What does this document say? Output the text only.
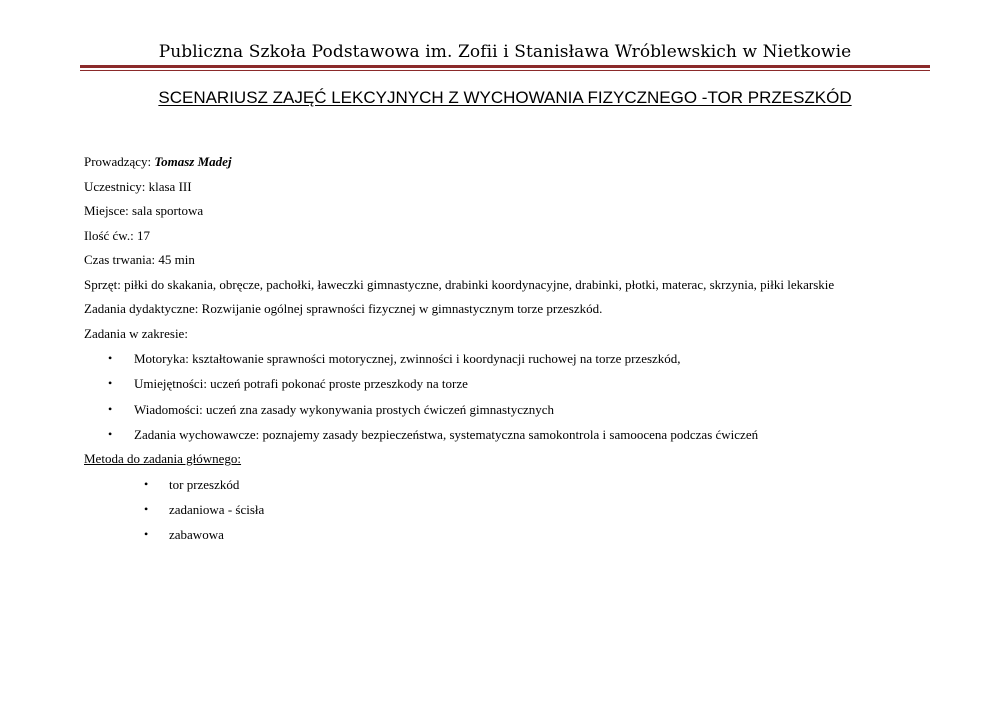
Publiczna Szkoła Podstawowa im. Zofii i Stanisława Wróblewskich w Nietkowie
SCENARIUSZ ZAJĘĆ LEKCYJNYCH Z WYCHOWANIA FIZYCZNEGO -TOR PRZESZKÓD
Prowadzący: Tomasz Madej
Uczestnicy: klasa III
Miejsce: sala sportowa
Ilość ćw.: 17
Czas trwania: 45 min
Sprzęt: piłki do skakania, obręcze, pachołki, ławeczki gimnastyczne, drabinki koordynacyjne, drabinki, płotki, materac, skrzynia, piłki lekarskie
Zadania dydaktyczne: Rozwijanie ogólnej sprawności fizycznej w gimnastycznym torze przeszkód.
Zadania w zakresie:
• Motoryka: kształtowanie sprawności motorycznej, zwinności i koordynacji ruchowej na torze przeszkód,
• Umiejętności: uczeń potrafi pokonać proste przeszkody na torze
• Wiadomości: uczeń zna zasady wykonywania prostych ćwiczeń gimnastycznych
• Zadania wychowawcze: poznajemy zasady bezpieczeństwa, systematyczna samokontrola i samoocena podczas ćwiczeń
Metoda do zadania głównego:
• tor przeszkód
• zadaniowa - ścisła
• zabawowa
